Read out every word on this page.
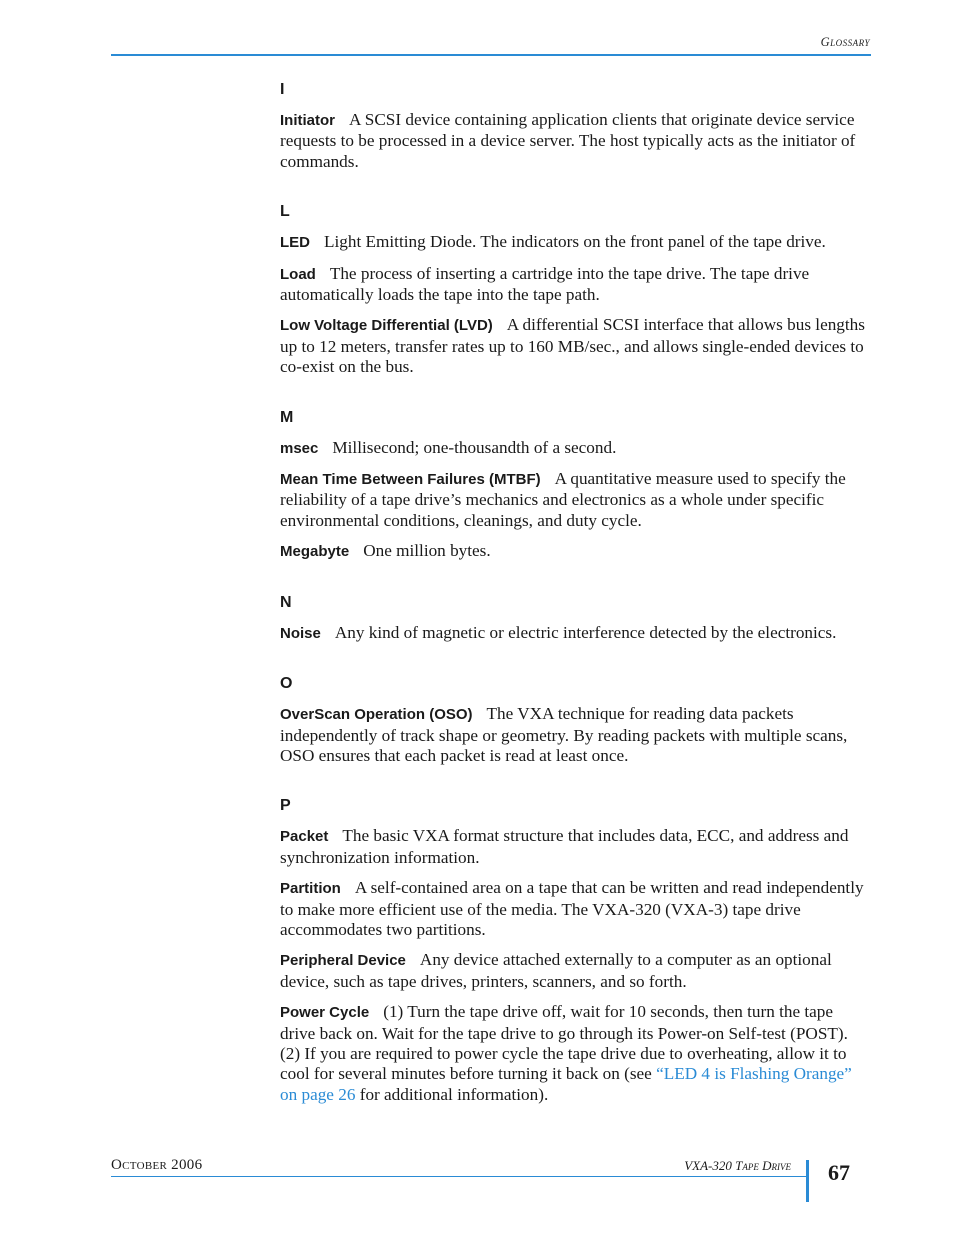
Glossary
I

Initiator A SCSI device containing application clients that originate device service requests to be processed in a device server. The host typically acts as the initiator of commands.

L

LED Light Emitting Diode. The indicators on the front panel of the tape drive.

Load The process of inserting a cartridge into the tape drive. The tape drive automatically loads the tape into the tape path.

Low Voltage Differential (LVD) A differential SCSI interface that allows bus lengths up to 12 meters, transfer rates up to 160 MB/sec., and allows single-ended devices to co-exist on the bus.

M

msec Millisecond; one-thousandth of a second.

Mean Time Between Failures (MTBF) A quantitative measure used to specify the reliability of a tape drive’s mechanics and electronics as a whole under specific environmental conditions, cleanings, and duty cycle.

Megabyte One million bytes.

N

Noise Any kind of magnetic or electric interference detected by the electronics.

O

OverScan Operation (OSO) The VXA technique for reading data packets independently of track shape or geometry. By reading packets with multiple scans, OSO ensures that each packet is read at least once.

P

Packet The basic VXA format structure that includes data, ECC, and address and synchronization information.

Partition A self-contained area on a tape that can be written and read independently to make more efficient use of the media. The VXA-320 (VXA-3) tape drive accommodates two partitions.

Peripheral Device Any device attached externally to a computer as an optional device, such as tape drives, printers, scanners, and so forth.

Power Cycle (1) Turn the tape drive off, wait for 10 seconds, then turn the tape drive back on. Wait for the tape drive to go through its Power-on Self-test (POST).

(2) If you are required to power cycle the tape drive due to overheating, allow it to cool for several minutes before turning it back on (see “LED 4 is Flashing Orange” on page 26 for additional information).

October 2006	VXA-320 Tape Drive 67
